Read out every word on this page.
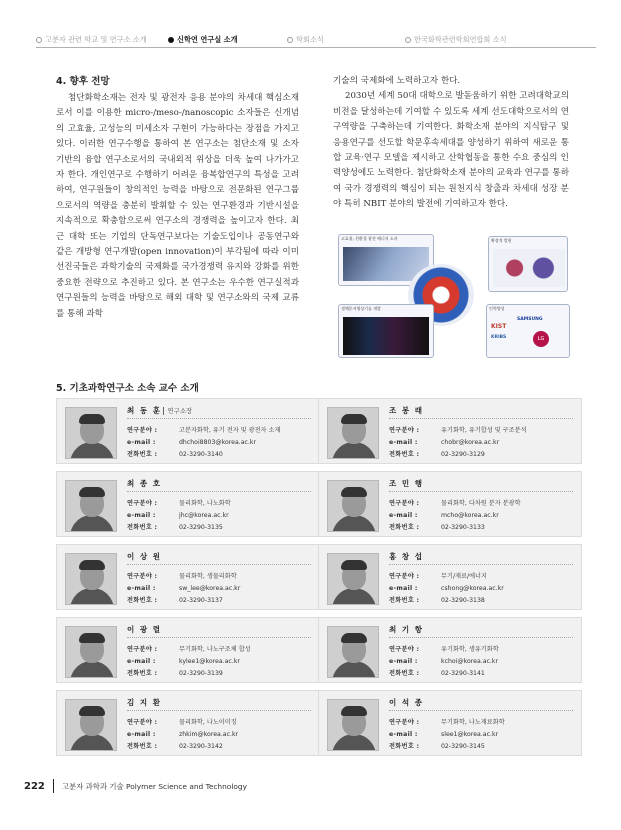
고분자 관련 학교 및 연구소 소개	신학연 연구실 소개	학회소식	한국화학관련학회연합회 소식
4. 향후 전망

첨단화학소재는 전자 및 광전자 응용 분야의 차세대 핵심소재로서 이를 이용한 micro-/meso-/nanoscopic 소자들은 신개념의 고효율, 고성능의 미세소자 구현이 가능하다는 장점을 가지고 있다. 이러한 연구수행을 통하여 본 연구소는 첨단소재 및 소자 기반의 융합 연구소로서의 국내외적 위상을 더욱 높여 나가가고자 한다. 개인연구로 수행하기 어려운 융복합연구의 특성을 고려하여, 연구원들이 창의적인 능력을 바탕으로 전문화된 연구그룹으로서의 역량을 충분히 발휘할 수 있는 연구환경과 기반시설을 지속적으로 확충함으로써 연구소의 경쟁력을 높이고자 한다. 최근 대학 또는 기업의 단독연구보다는 기술도입이나 공동연구와 같은 개방형 연구개발(open innovation)이 부각됨에 따라 이미 선진국들은 과학기술의 국제화를 국가경쟁력 유지와 강화를 위한 중요한 전략으로 추진하고 있다. 본 연구소는 우수한 연구실적과 연구원들의 능력을 바탕으로 해외 대학 및 연구소와의 국제 교류를 통해 과학

기술의 국제화에 노력하고자 한다.

2030년 세계 50대 대학으로 발돋움하기 위한 고려대학교의 비전을 달성하는데 기여할 수 있도록 세계 선도대학으로서의 연구역량을 구축하는데 기여한다. 화학소재 분야의 지식탐구 및 응용연구를 선도할 학문후속세대를 양성하기 위하여 새로운 통합 교육·연구 모델을 제시하고 산학협동을 통한 수요 중심의 인력양성에도 노력한다. 첨단화학소재 분야의 교육과 연구를 통하여 국가 경쟁력의 핵심이 되는 원천지식 창출과 차세대 성장 분야 특히 NBIT 분야의 발전에 기여하고자 한다.

고효율, 친환경 광전 에너지 소자	확장적 발현
생체분자영상기술 개발	인력양성
KIST
KRIBS	LG
SAMSUNG
5. 기초과학연구소 소속 교수 소개
최 동 훈 연구소장
연구분야 :	고분자화학, 유기 전자 및 광전자 소재
e-mail :	dhchoi8803@korea.ac.kr
전화번호 :	02-3290-3140
조 봉 래
연구분야 :	유기화학, 유기합성 및 구조분석
e-mail :	chobr@korea.ac.kr
전화번호 :	02-3290-3129
최 종 호
연구분야 :	물리화학, 나노화학
e-mail :	jhc@korea.ac.kr
전화번호 :	02-3290-3135
조 민 행
연구분야 :	물리화학, 다차원 분자 분광학
e-mail :	mcho@korea.ac.kr
전화번호 :	02-3290-3133
이 상 원
연구분야 :	물리화학, 생물리화학
e-mail :	sw_lee@korea.ac.kr
전화번호 :	02-3290-3137
홍 창 섭
연구분야 :	무기/재료/에너지
e-mail :	cshong@korea.ac.kr
전화번호 :	02-3290-3138
이 광 렬
연구분야 :	무기화학, 나노구조체 합성
e-mail :	kylee1@korea.ac.kr
전화번호 :	02-3290-3139
최 기 항
연구분야 :	유기화학, 생유기화학
e-mail :	kchoi@korea.ac.kr
전화번호 :	02-3290-3141
김 지 환
연구분야 :	물리화학, 나노이미징
e-mail :	zhkim@korea.ac.kr
전화번호 :	02-3290-3142
이 석 종
연구분야 :	무기화학, 나노재료화학
e-mail :	slee1@korea.ac.kr
전화번호 :	02-3290-3145
222 고분자 과학과 기술 Polymer Science and Technology
